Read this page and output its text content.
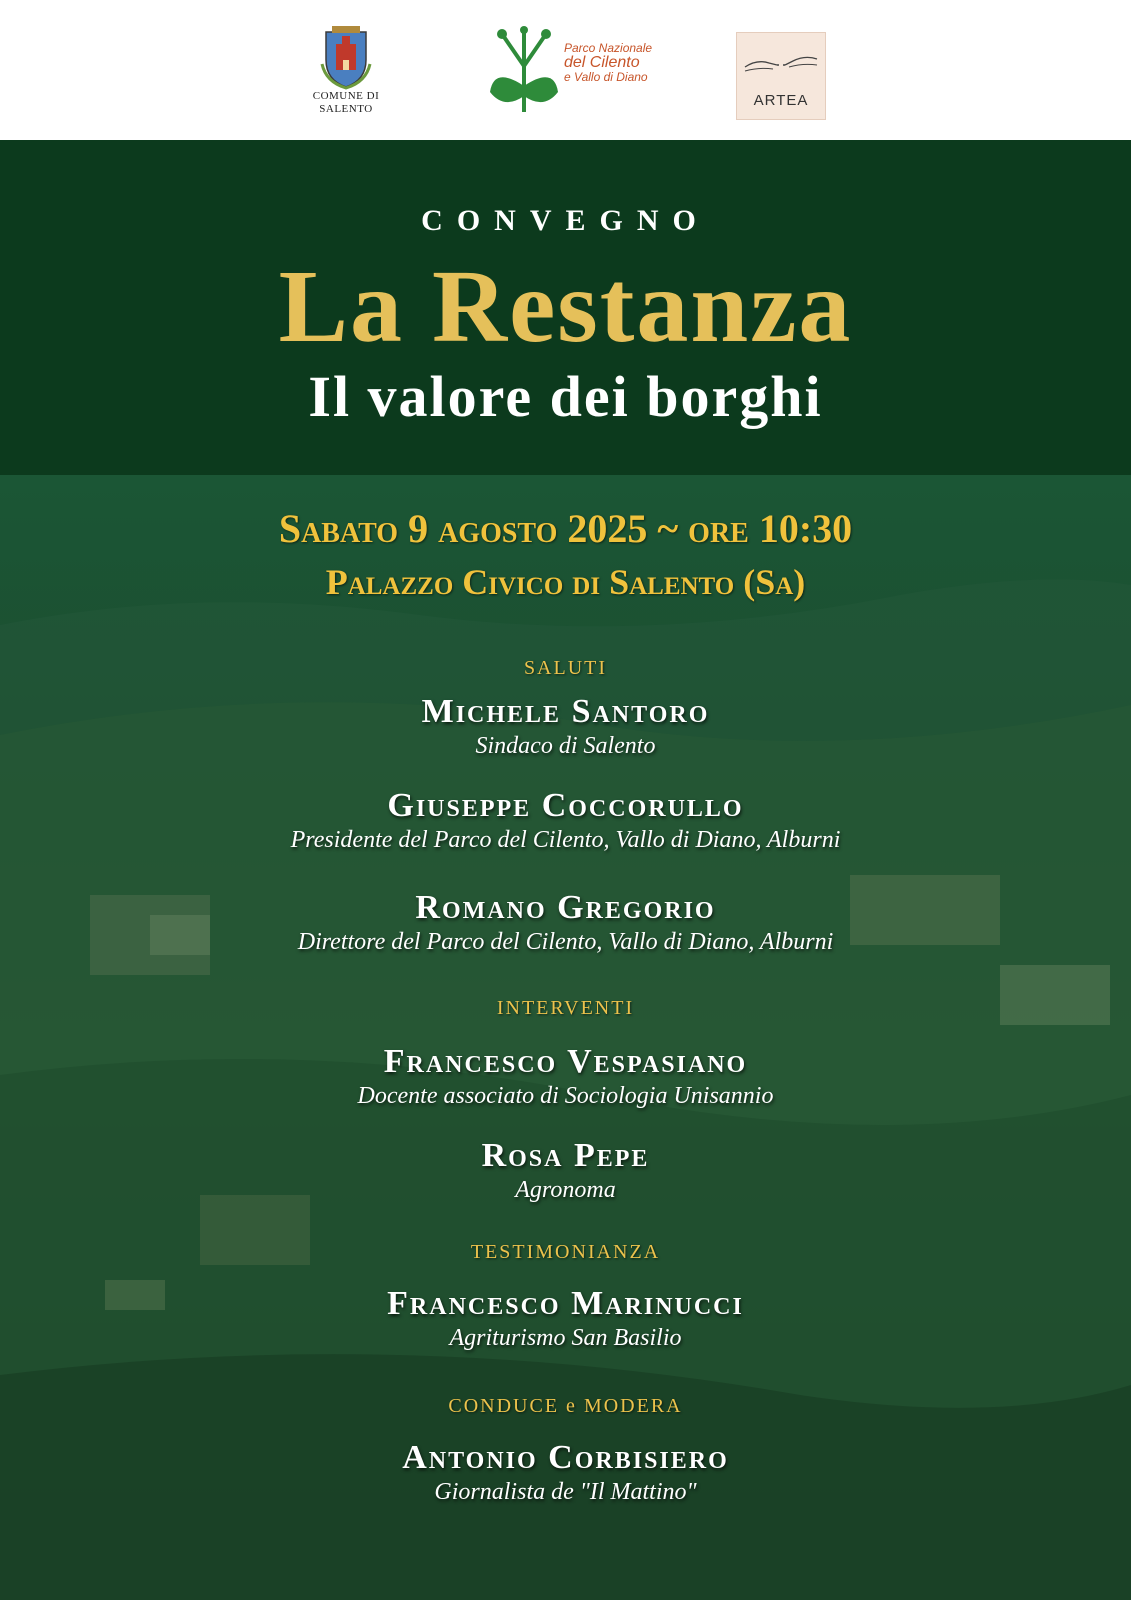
COMUNE DI
SALENTO
Parco Nazionale
del Cilento
e Vallo di Diano
ARTEA
CONVEGNO
La Restanza
Il valore dei borghi
Sabato 9 agosto 2025 ~ ore 10:30
Palazzo Civico di Salento (Sa)
SALUTI
Michele Santoro
Sindaco di Salento
Giuseppe Coccorullo
Presidente del Parco del Cilento, Vallo di Diano, Alburni
Romano Gregorio
Direttore del Parco del Cilento, Vallo di Diano, Alburni
INTERVENTI
Francesco Vespasiano
Docente associato di Sociologia Unisannio
Rosa Pepe
Agronoma
TESTIMONIANZA
Francesco Marinucci
Agriturismo San Basilio
CONDUCE e MODERA
Antonio Corbisiero
Giornalista de "Il Mattino"
